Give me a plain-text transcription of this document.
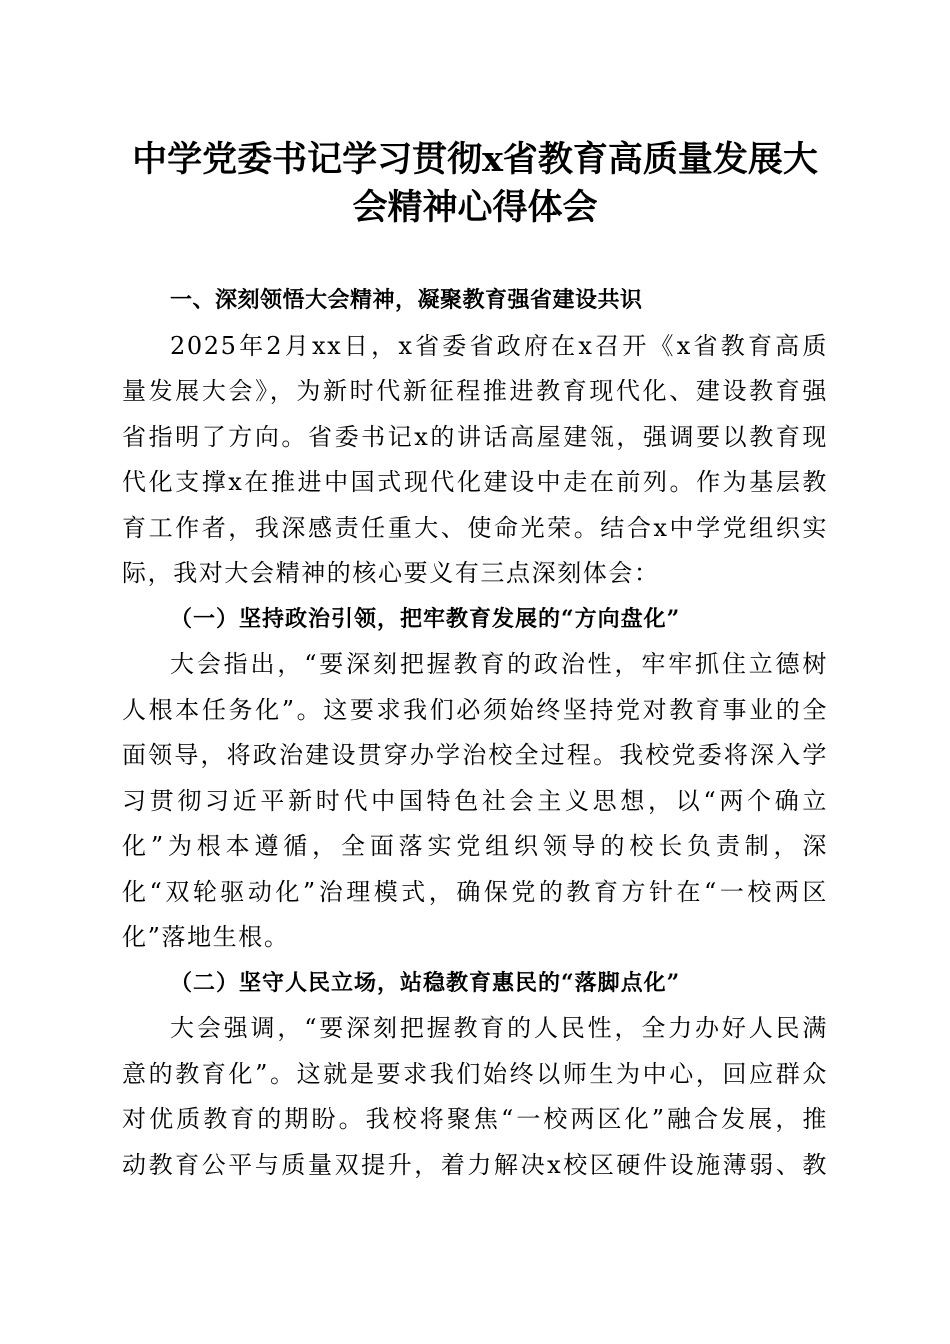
中学党委书记学习贯彻x省教育高质量发展大
会精神心得体会
一、深刻领悟大会精神，凝聚教育强省建设共识
2025年2月xx日，x省委省政府在x召开《x省教育高质
量发展大会》，为新时代新征程推进教育现代化、建设教育强
省指明了方向。省委书记x的讲话高屋建瓴，强调要以教育现
代化支撑x在推进中国式现代化建设中走在前列。作为基层教
育工作者，我深感责任重大、使命光荣。结合x中学党组织实
际，我对大会精神的核心要义有三点深刻体会：
（一）坚持政治引领，把牢教育发展的“方向盘化”
大会指出，“要深刻把握教育的政治性，牢牢抓住立德树
人根本任务化”。这要求我们必须始终坚持党对教育事业的全
面领导，将政治建设贯穿办学治校全过程。我校党委将深入学
习贯彻习近平新时代中国特色社会主义思想，以“两个确立
化”为根本遵循，全面落实党组织领导的校长负责制，深
化“双轮驱动化”治理模式，确保党的教育方针在“一校两区
化”落地生根。
（二）坚守人民立场，站稳教育惠民的“落脚点化”
大会强调，“要深刻把握教育的人民性，全力办好人民满
意的教育化”。这就是要求我们始终以师生为中心，回应群众
对优质教育的期盼。我校将聚焦“一校两区化”融合发展，推
动教育公平与质量双提升，着力解决x校区硬件设施薄弱、教
